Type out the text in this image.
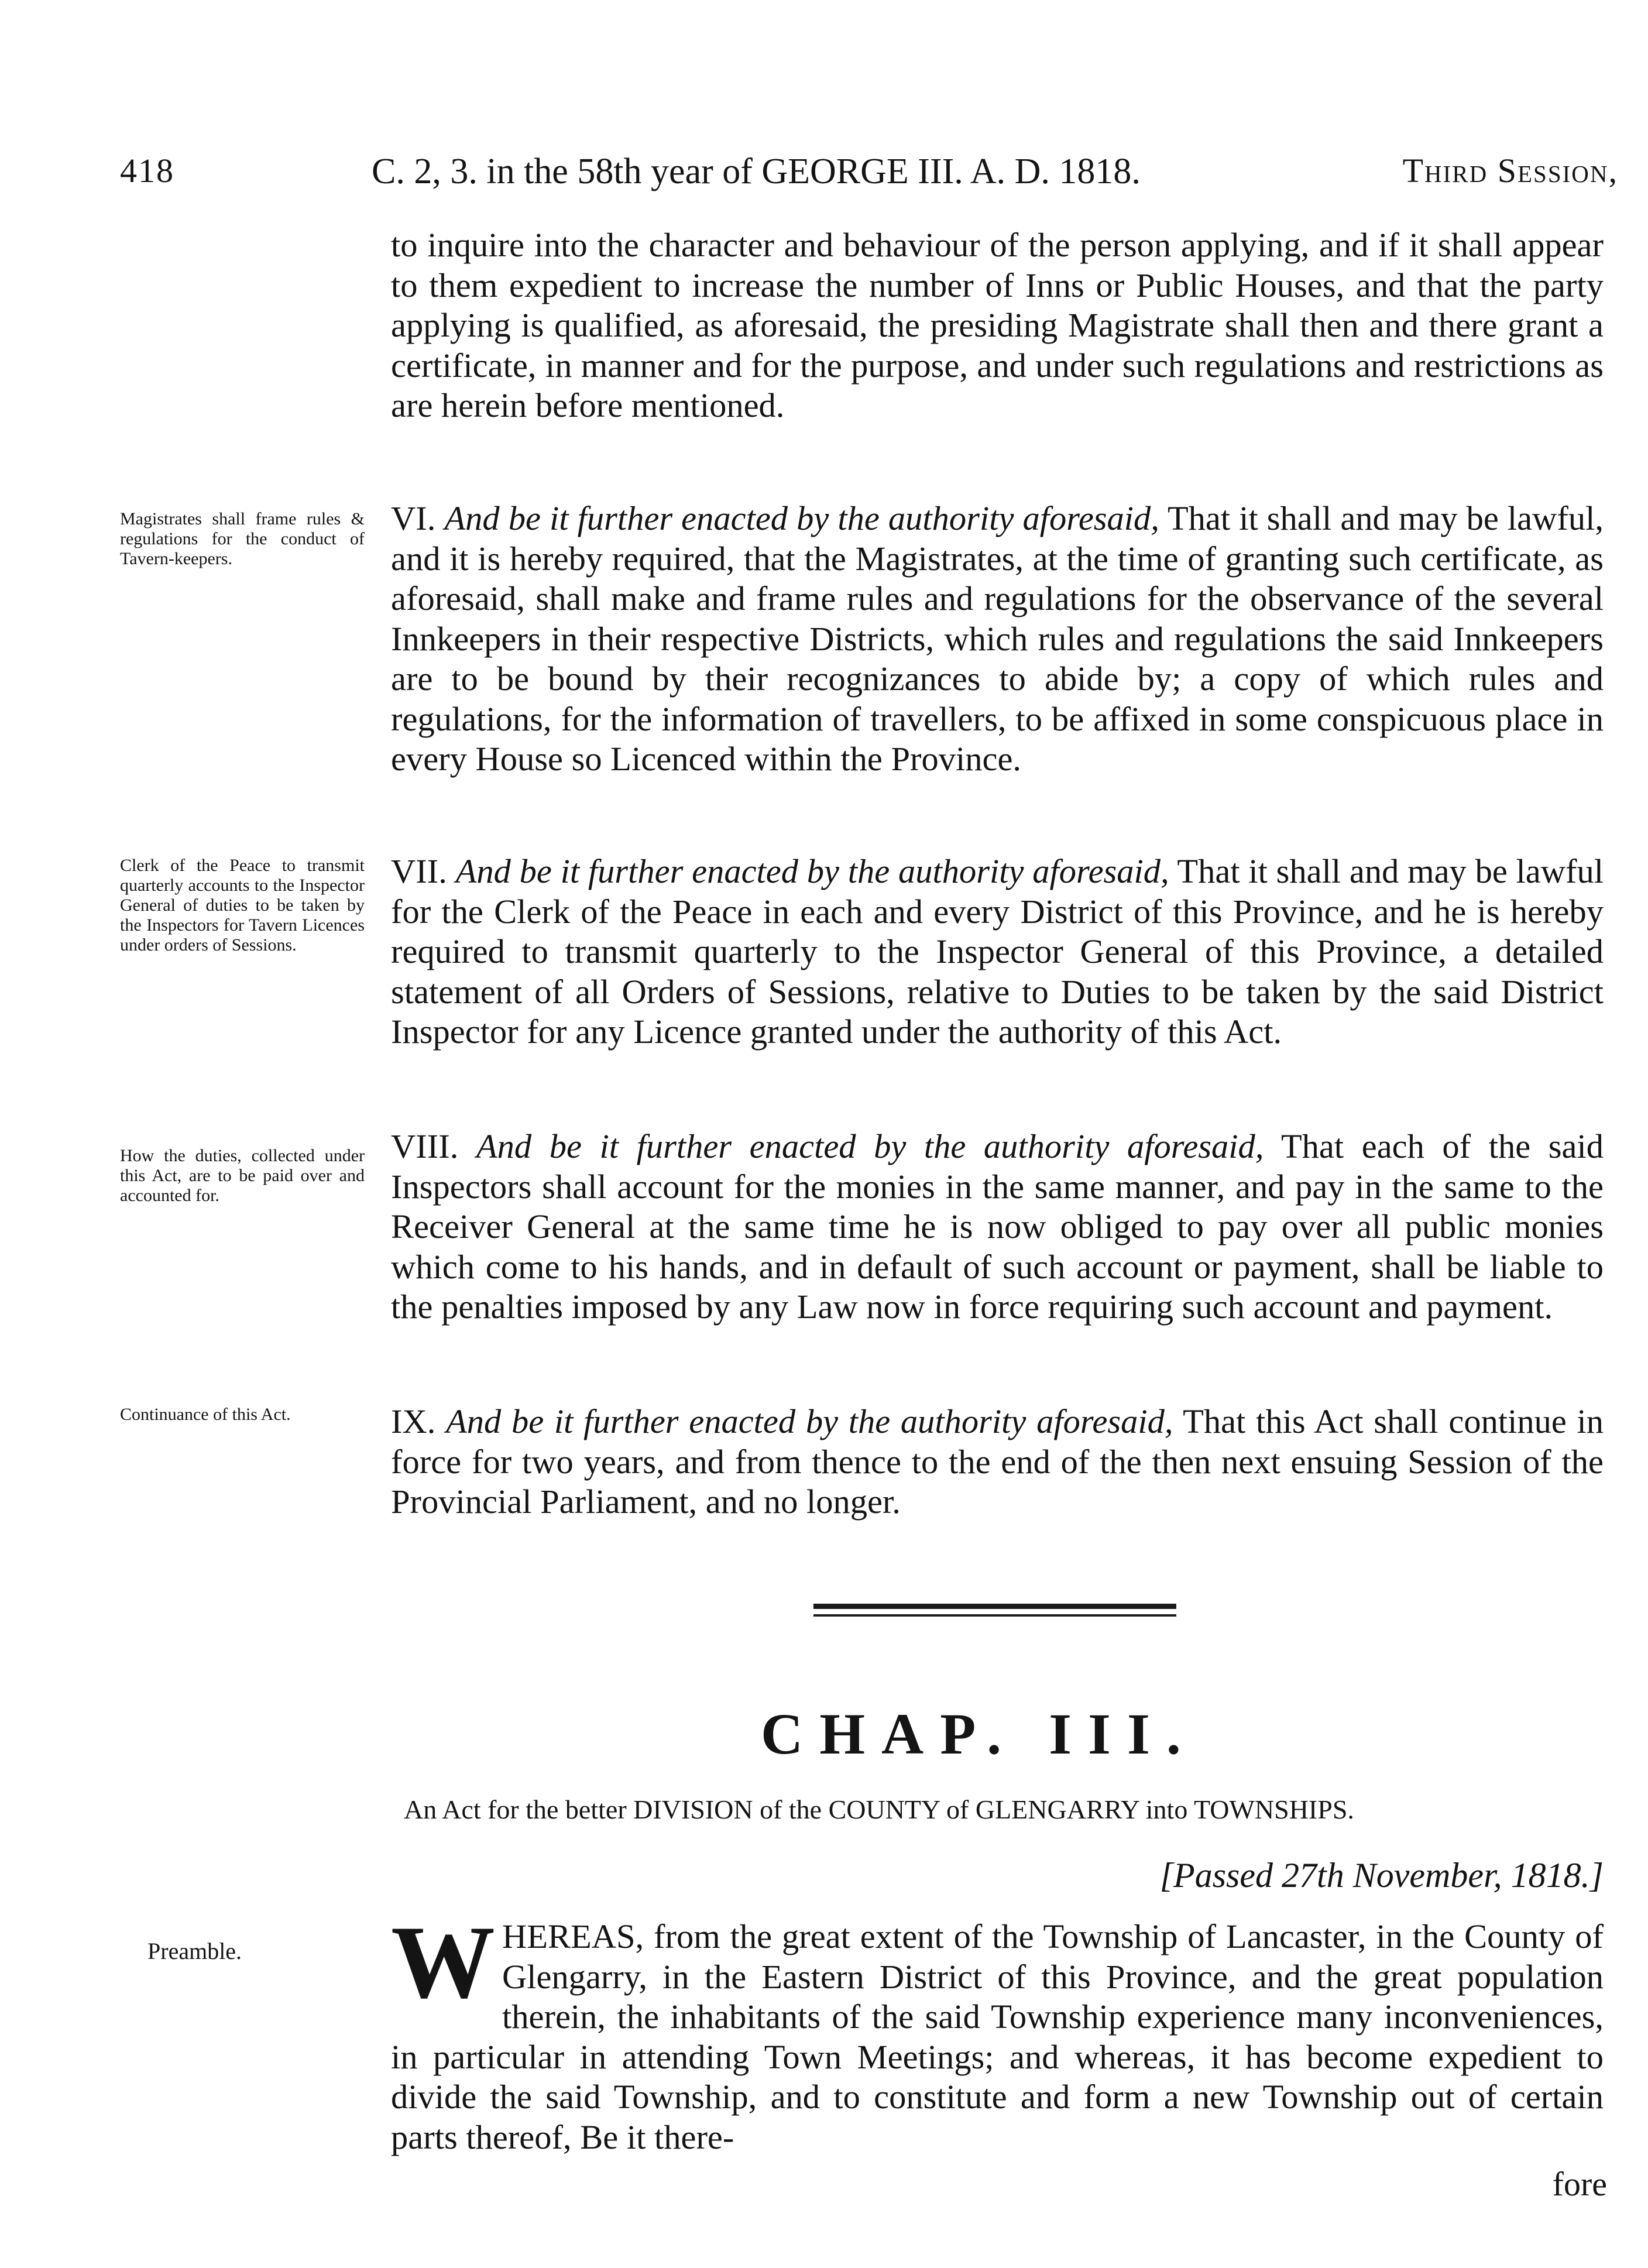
418	C. 2, 3. in the 58th year of GEORGE III. A. D. 1818.	Third Session,

to inquire into the character and behaviour of the person applying, and if it shall appear to them expedient to increase the number of Inns or Public Houses, and that the party applying is qualified, as aforesaid, the presiding Magistrate shall then and there grant a certificate, in manner and for the purpose, and under such regulations and restrictions as are herein before mentioned.

Magistrates shall frame rules & regulations for the conduct of Tavern-keepers.

VI. And be it further enacted by the authority aforesaid, That it shall and may be lawful, and it is hereby required, that the Magistrates, at the time of granting such certificate, as aforesaid, shall make and frame rules and regulations for the observance of the several Innkeepers in their respective Districts, which rules and regulations the said Innkeepers are to be bound by their recognizances to abide by; a copy of which rules and regulations, for the information of travellers, to be affixed in some conspicuous place in every House so Licenced within the Province.

Clerk of the Peace to transmit quarterly accounts to the Inspector General of duties to be taken by the Inspectors for Tavern Licences under orders of Sessions.

VII. And be it further enacted by the authority aforesaid, That it shall and may be lawful for the Clerk of the Peace in each and every District of this Province, and he is hereby required to transmit quarterly to the Inspector General of this Province, a detailed statement of all Orders of Sessions, relative to Duties to be taken by the said District Inspector for any Licence granted under the authority of this Act.

How the duties, collected under this Act, are to be paid over and accounted for.

VIII. And be it further enacted by the authority aforesaid, That each of the said Inspectors shall account for the monies in the same manner, and pay in the same to the Receiver General at the same time he is now obliged to pay over all public monies which come to his hands, and in default of such account or payment, shall be liable to the penalties imposed by any Law now in force requiring such account and payment.

Continuance of this Act.	IX. And be it further enacted by the authority aforesaid, That this Act shall continue in force for two years, and from thence to the end of the then next ensuing Session of the Provincial Parliament, and no longer.

CHAP. III.
An Act for the better DIVISION of the COUNTY of GLENGARRY into TOWNSHIPS.
[Passed 27th November, 1818.]
Preamble. W HEREAS, from the great extent of the Township of Lancaster, in the County of Glengarry, in the Eastern District of this Province, and the great population therein, the inhabitants of the said Township experience many inconveniences, in particular in attending Town Meetings; and whereas, it has become expedient to divide the said Township, and to constitute and form a new Township out of certain parts thereof, Be it there-

fore
